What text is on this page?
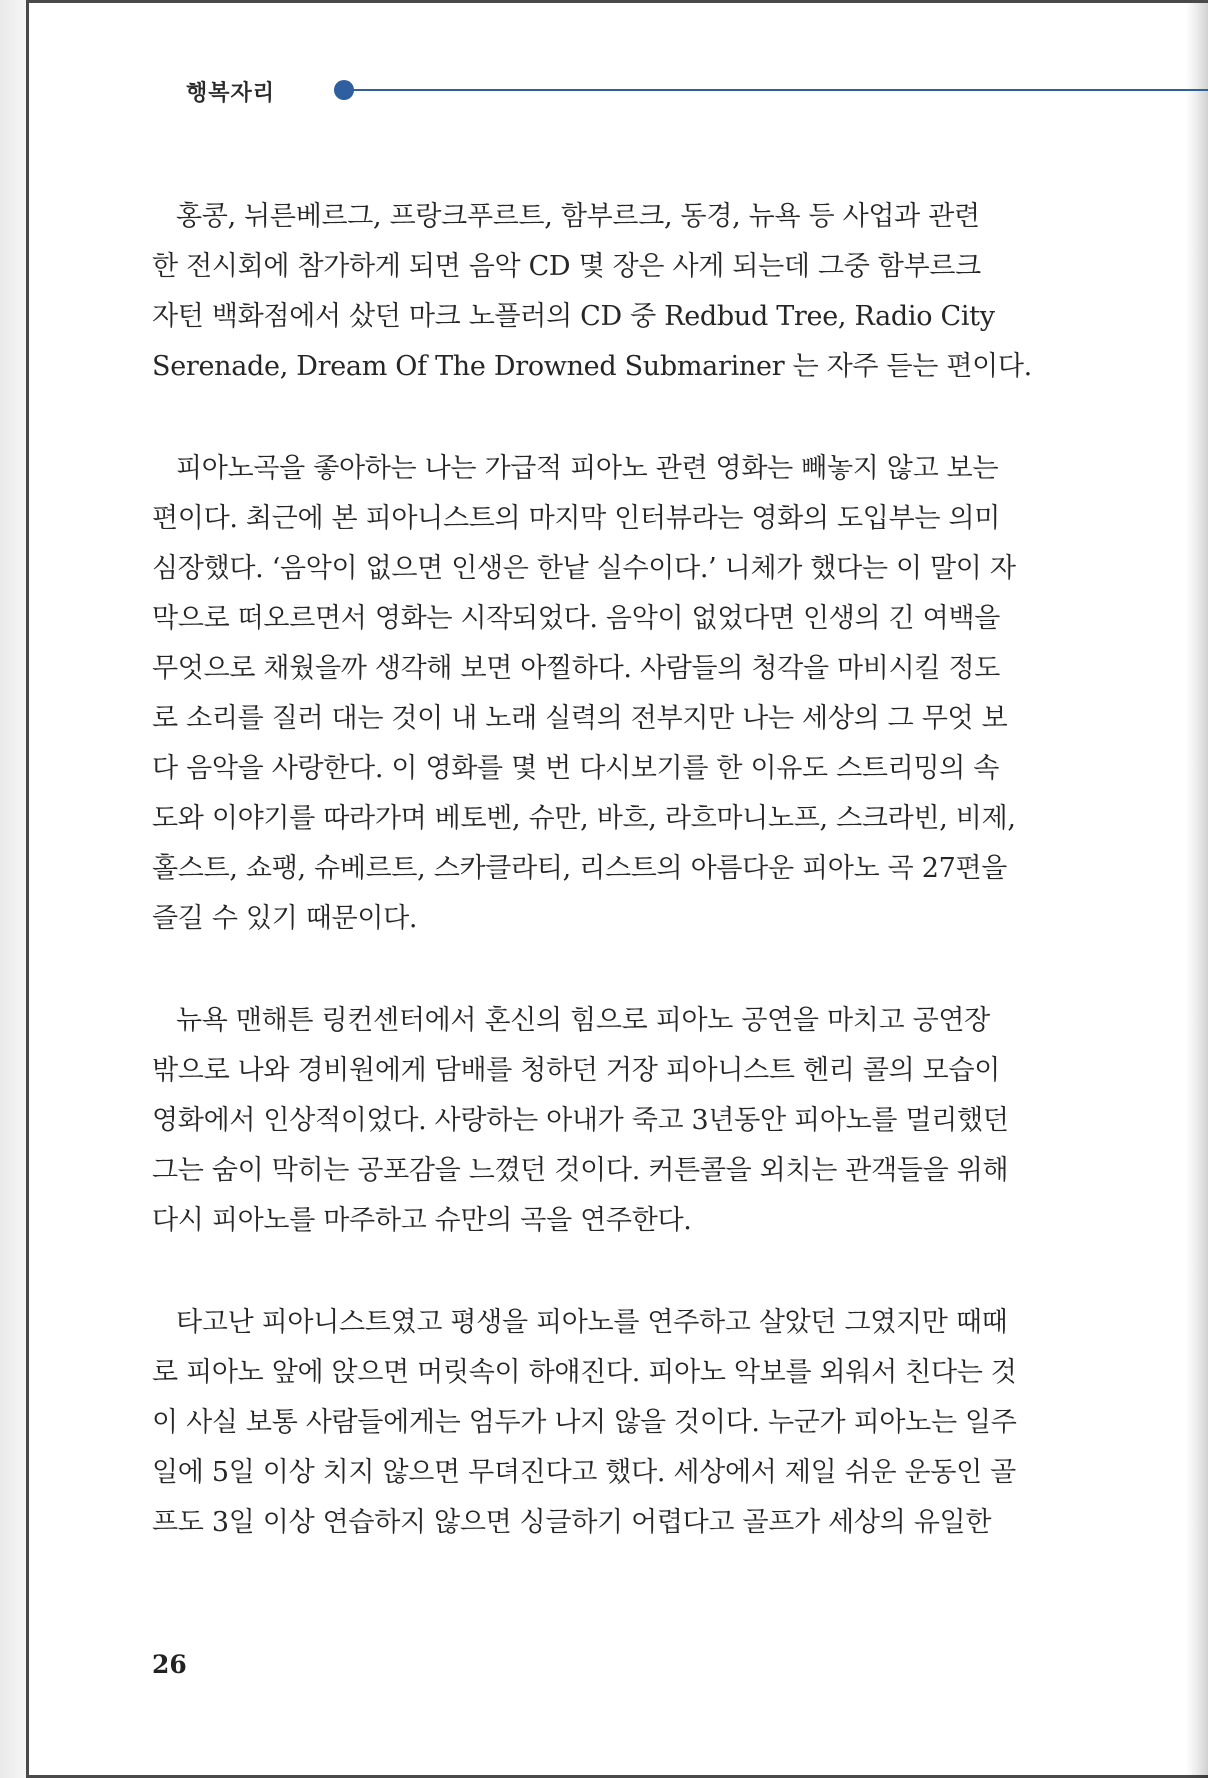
행복자리
홍콩, 뉘른베르그, 프랑크푸르트, 함부르크, 동경, 뉴욕 등 사업과 관련
한 전시회에 참가하게 되면 음악 CD 몇 장은 사게 되는데 그중 함부르크
자턴 백화점에서 샀던 마크 노플러의 CD 중 Redbud Tree, Radio City
Serenade, Dream Of The Drowned Submariner 는 자주 듣는 편이다.
피아노곡을 좋아하는 나는 가급적 피아노 관련 영화는 빼놓지 않고 보는
편이다. 최근에 본 피아니스트의 마지막 인터뷰라는 영화의 도입부는 의미
심장했다. ‘음악이 없으면 인생은 한낱 실수이다.’ 니체가 했다는 이 말이 자
막으로 떠오르면서 영화는 시작되었다. 음악이 없었다면 인생의 긴 여백을
무엇으로 채웠을까 생각해 보면 아찔하다. 사람들의 청각을 마비시킬 정도
로 소리를 질러 대는 것이 내 노래 실력의 전부지만 나는 세상의 그 무엇 보
다 음악을 사랑한다. 이 영화를 몇 번 다시보기를 한 이유도 스트리밍의 속
도와 이야기를 따라가며 베토벤, 슈만, 바흐, 라흐마니노프, 스크라빈, 비제,
홀스트, 쇼팽, 슈베르트, 스카클라티, 리스트의 아름다운 피아노 곡 27편을
즐길 수 있기 때문이다.
뉴욕 맨해튼 링컨센터에서 혼신의 힘으로 피아노 공연을 마치고 공연장
밖으로 나와 경비원에게 담배를 청하던 거장 피아니스트 헨리 콜의 모습이
영화에서 인상적이었다. 사랑하는 아내가 죽고 3년동안 피아노를 멀리했던
그는 숨이 막히는 공포감을 느꼈던 것이다. 커튼콜을 외치는 관객들을 위해
다시 피아노를 마주하고 슈만의 곡을 연주한다.
타고난 피아니스트였고 평생을 피아노를 연주하고 살았던 그였지만 때때
로 피아노 앞에 앉으면 머릿속이 하얘진다. 피아노 악보를 외워서 친다는 것
이 사실 보통 사람들에게는 엄두가 나지 않을 것이다. 누군가 피아노는 일주
일에 5일 이상 치지 않으면 무뎌진다고 했다. 세상에서 제일 쉬운 운동인 골
프도 3일 이상 연습하지 않으면 싱글하기 어렵다고 골프가 세상의 유일한
26
